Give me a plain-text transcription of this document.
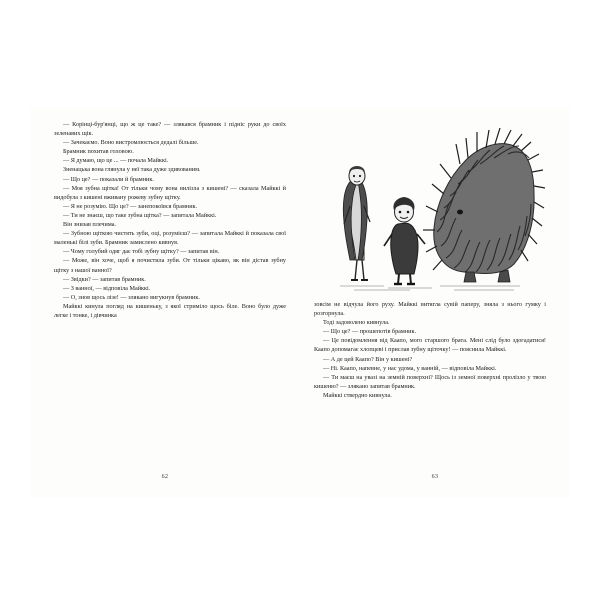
— Корінці-бур'янці, що ж це таке? — злякався брамник і підніс руки до своїх зеленавих щік.

— Зачекаємо. Воно вистромлюється дедалі більше.

Брамник похитав головою.

— Я думаю, що це ... — почала Майккі.

Зненацька вона глянула у неї така дуже здивованим.

— Що це? — показали й брамник.

— Моя зубна щітка! От тільки чому вона вилізла з кишені? — сказала Майккі й видобула з кишені вживану рожеву зубну щітку.

— Я не розумію. Що це? — занепокоївся брамник.

— Ти не знаєш, що таке зубна щітка? — запитала Майккі.

Він знизав плечима.

— Зубною щіткою чистять зуби, оці, розумієш? — запитала Майккі й показала свої маленькі білі зуби. Брамник замислено кивнув.

— Чому голубий одяг дає тобі зубну щітку? — запитав він.

— Може, він хоче, щоб я почистила зуби. От тільки цікаво, як він дістав зубну щітку з нашої ванної?

— Звідки? — запитав брамник.

— З ванної, — відповіла Майккі.

— О, знов щось лізе! — злякано вигукнув брамник.

Майккі кинула погляд на кишеньку, з якої стриміло щось біле. Воно було дуже легке і тонке, і дівчинка

62

зовсім не відчула його руху. Майккі витягла сувій паперу, зняла з нього гумку і розгорнула.

Тоді задоволено кивнула.

— Що це? — прошепотів брамник.

— Це повідомлення від Каапо, мого старшого брата. Мені слід було здогадатися! Каапо допомагає хлопцеві і прислав зубну щіточку! — пояснила Майккі.

— А де цей Каапо? Він у кишені?

— Ні. Каапо, напевне, у нас удома, у ванній, — відповіла Майккі.

— Ти маєш на увазі на земній поверхні? Щось із земної поверхні пролізло у твою кишеню? — злякано запитав брамник.

Майккі ствердно кивнула.

63
